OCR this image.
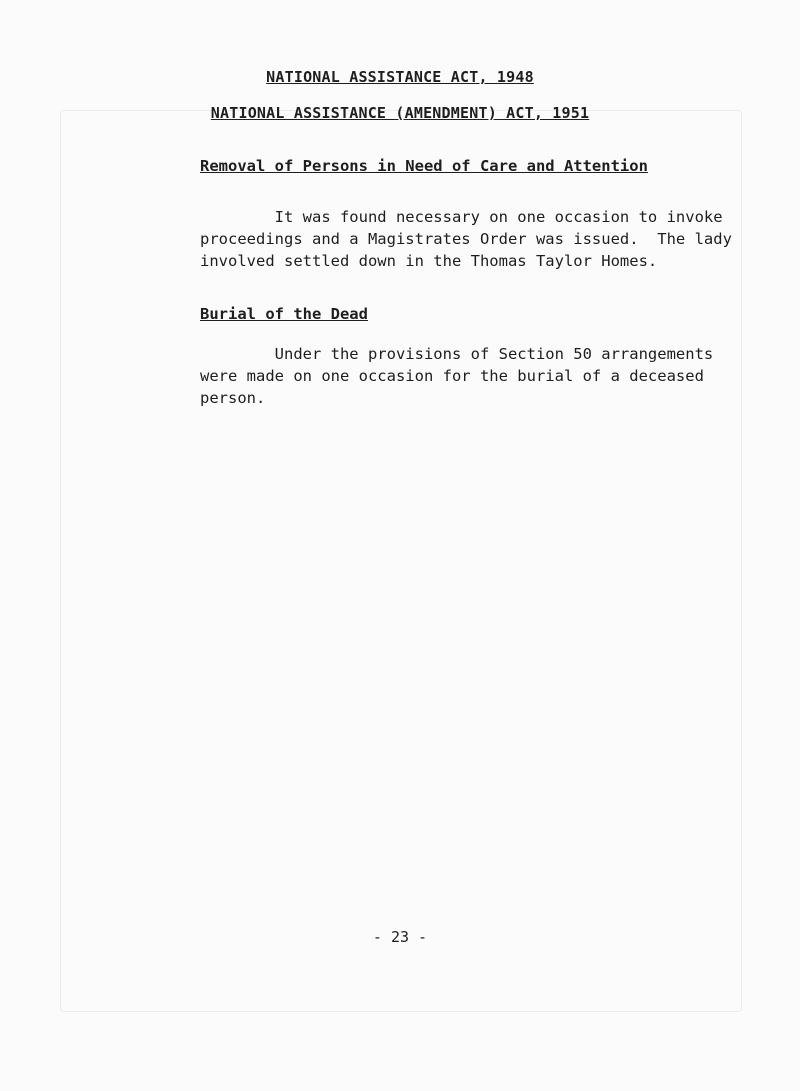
NATIONAL ASSISTANCE ACT, 1948
NATIONAL ASSISTANCE (AMENDMENT) ACT, 1951
Removal of Persons in Need of Care and Attention
It was found necessary on one occasion to invoke
proceedings and a Magistrates Order was issued.  The lady
involved settled down in the Thomas Taylor Homes.
Burial of the Dead
Under the provisions of Section 50 arrangements
were made on one occasion for the burial of a deceased
person.
- 23 -
